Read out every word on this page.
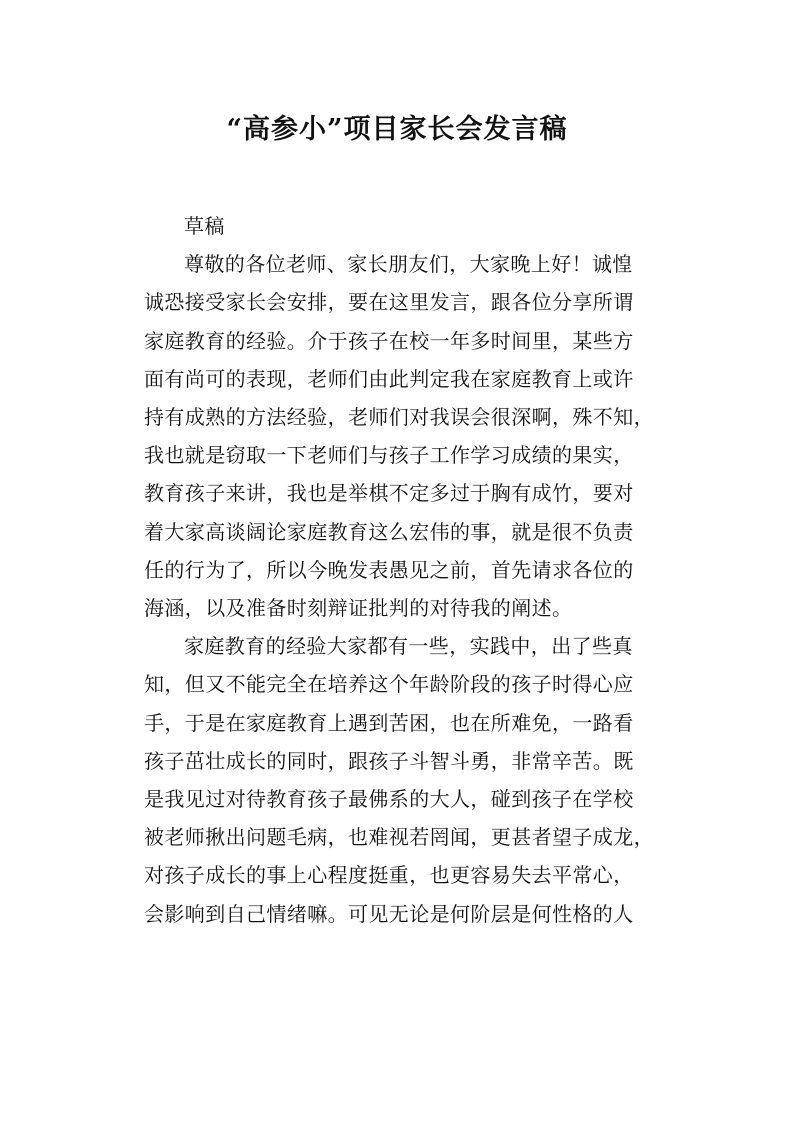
“高参小”项目家长会发言稿

草稿

尊敬的各位老师、家长朋友们，大家晚上好！诚惶
诚恐接受家长会安排，要在这里发言，跟各位分享所谓
家庭教育的经验。介于孩子在校一年多时间里，某些方
面有尚可的表现，老师们由此判定我在家庭教育上或许
持有成熟的方法经验，老师们对我误会很深啊，殊不知，
我也就是窃取一下老师们与孩子工作学习成绩的果实，
教育孩子来讲，我也是举棋不定多过于胸有成竹，要对
着大家高谈阔论家庭教育这么宏伟的事，就是很不负责
任的行为了，所以今晚发表愚见之前，首先请求各位的
海涵，以及准备时刻辩证批判的对待我的阐述。

家庭教育的经验大家都有一些，实践中，出了些真
知，但又不能完全在培养这个年龄阶段的孩子时得心应
手，于是在家庭教育上遇到苦困，也在所难免，一路看
孩子茁壮成长的同时，跟孩子斗智斗勇，非常辛苦。既
是我见过对待教育孩子最佛系的大人，碰到孩子在学校
被老师揪出问题毛病，也难视若罔闻，更甚者望子成龙，
对孩子成长的事上心程度挺重，也更容易失去平常心，
会影响到自己情绪嘛。可见无论是何阶层是何性格的人
